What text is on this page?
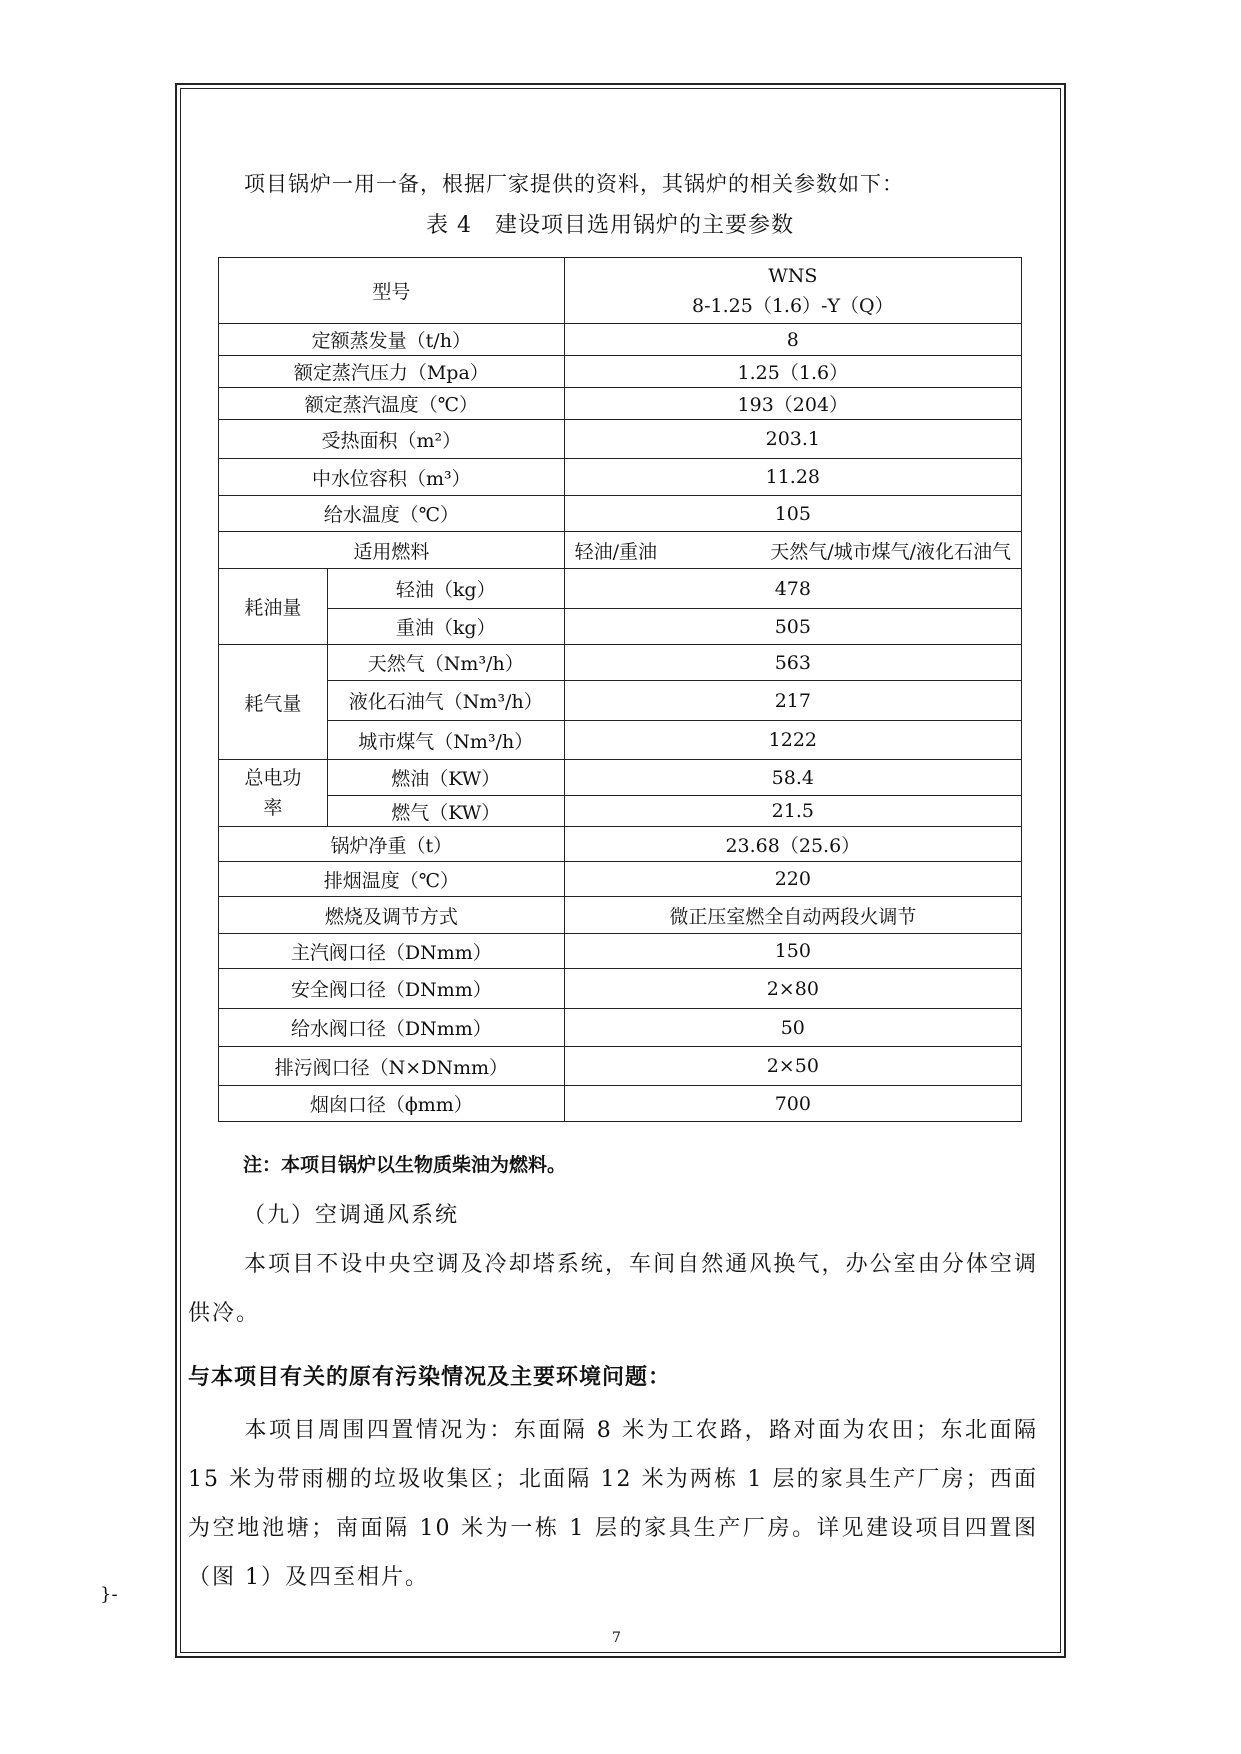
项目锅炉一用一备，根据厂家提供的资料，其锅炉的相关参数如下：
表 4　建设项目选用锅炉的主要参数
型号		WNS
8-1.25（1.6）-Y（Q）

定额蒸发量（t/h）		8
额定蒸汽压力（Mpa）		1.25（1.6）
额定蒸汽温度（℃）		193（204）
受热面积（m²）		203.1
中水位容积（m³）		11.28
给水温度（℃）		105
适用燃料		轻油/重油 天然气/城市煤气/液化石油气

耗油量	轻油（kg）	478
	重油（kg）	505
耗气量	天然气（Nm³/h）	563
	液化石油气（Nm³/h）	217
	城市煤气（Nm³/h）	1222

总电功
率	燃油（KW）	58.4
	燃气（KW）	21.5
锅炉净重（t）		23.68（25.6）
排烟温度（℃）		220
燃烧及调节方式		微正压室燃全自动两段火调节
主汽阀口径（DNmm）		150
安全阀口径（DNmm）		2×80
给水阀口径（DNmm）		50
排污阀口径（N×DNmm）		2×50
烟囱口径（ϕmm）		700
注：本项目锅炉以生物质柴油为燃料。
（九）空调通风系统
本项目不设中央空调及冷却塔系统，车间自然通风换气，办公室由分体空调供冷。
与本项目有关的原有污染情况及主要环境问题：
本项目周围四置情况为：东面隔 8 米为工农路，路对面为农田；东北面隔 15 米为带雨棚的垃圾收集区；北面隔 12 米为两栋 1 层的家具生产厂房；西面为空地池塘；南面隔 10 米为一栋 1 层的家具生产厂房。详见建设项目四置图（图 1）及四至相片。
7
}-
